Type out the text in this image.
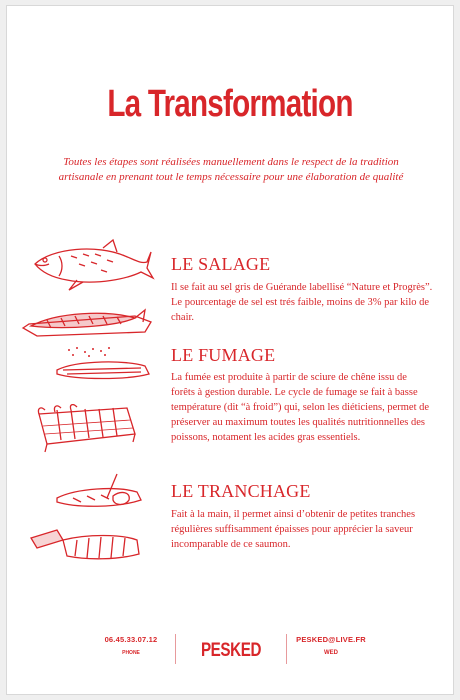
La Transformation
Toutes les étapes sont réalisées manuellement dans le respect de la tradition artisanale en prenant tout le temps nécessaire pour une élaboration de qualité
LE SALAGE
Il se fait au sel gris de Guérande labellisé “Nature et Progrès”. Le pourcentage de sel est trés faible, moins de 3% par kilo de chair.
LE FUMAGE
La fumée est produite à partir de sciure de chêne issu de forêts à gestion durable. Le cycle de fumage se fait à basse température (dit “à froid”) qui, selon les diéticiens, permet de préserver au maximum toutes les qualités nutritionnelles des poissons, notament les acides gras essentiels.
LE TRANCHAGE
Fait à la main, il permet ainsi d’obtenir de petites tranches régulières suffisamment épaisses pour apprécier la saveur incomparable de ce saumon.
06.45.33.07.12
PHONE	PESKED
PESKED@LIVE.FR
WED
